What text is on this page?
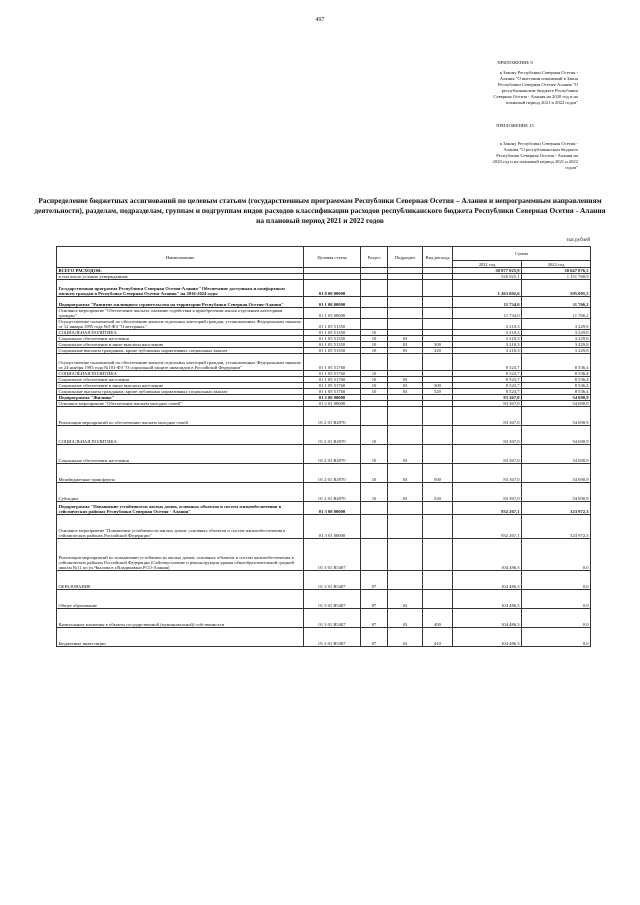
497
ПРИЛОЖЕНИЕ 8
к Закону Республики Северная Осетия -
Алания "О внесении изменений в Закон
Республики Северная Осетия-Алания "О
республиканском бюджете Республики
Северная Осетия - Алания на 2020 год и на
плановый период 2021 и 2022 годов"
ПРИЛОЖЕНИЕ 15
к Закону Республики Северная Осетия -
Алания "О республиканском бюджете
Республики Северная Осетия - Алания на
2020 год и на плановый период 2021 и 2022
годов"
Распределение бюджетных ассигнований по целевым статьям (государственным программам Республики Северная Осетия – Алания и непрограммным направлениям деятельности), разделам, подразделам, группам и подгруппам видов расходов классификации расходов республиканского бюджета Республики Северная Осетия - Алания на плановый период 2021 и 2022 годов
тыс.рублей
Наименование	Целевая статья	Раздел	Подраздел	Вид расхода	Сумма	
					2021 год	2022 год
ВСЕГО РАСХОДОВ:					30 877 025,9	30 647 876,5
в том числе условно утвержденные					526 025,1	1 151 768,9
Государственная программа Республики Северная Осетия-Алания "Обеспечение доступным и комфортным жильем граждан в Республике Северная Осетия-Алания" на 2016-2024 годы	01 0 00 00000				1 263 692,6	595 005,5
Подпрограмма "Развитие жилищного строительства на территории Республики Северная Осетия-Алания"	01 1 00 00000				11 734,0	11 766,2
Основное мероприятие "Обеспечение жильем, оказание содействия в приобретении жилья отдельным категориям граждан"	01 1 05 00000				11 734,0	11 766,2
Осуществление полномочий по обеспечению жильем отдельных категорий граждан, установленных Федеральным законом от 12 января 1995 года №5-ФЗ "О ветеранах"	01 1 05 51350				3 210,3	3 229,8
СОЦИАЛЬНАЯ ПОЛИТИКА	01 1 05 51350	10			3 210,3	3 229,8
Социальное обеспечение населения	01 1 05 51350	10	03		3 210,3	3 229,8
Социальное обеспечение и иные выплаты населению	01 1 05 51350	10	03	300	3 210,3	3 229,8
Социальные выплаты гражданам, кроме публичных нормативных социальных выплат	01 1 05 51350	10	03	320	3 210,3	3 229,8
Осуществление полномочий по обеспечению жильем отдельных категорий граждан, установленных Федеральным законом от 24 ноября 1995 года №181-ФЗ "О социальной защите инвалидов в Российской Федерации"	01 1 05 51760				8 523,7	8 536,4
СОЦИАЛЬНАЯ ПОЛИТИКА	01 1 05 51760	10			8 523,7	8 536,4
Социальное обеспечение населения	01 1 05 51760	10	03		8 523,7	8 536,4
Социальное обеспечение и иные выплаты населению	01 1 05 51760	10	03	300	8 523,7	8 536,4
Социальные выплаты гражданам, кроме публичных нормативных социальных выплат	01 1 05 51760	10	03	320	8 523,7	8 536,4
Подпрограмма "Жилище"	01 2 00 00000				83 367,0	54 690,9
Основное мероприятие "Обеспечение жильем молодых семей"	01 2 01 00000				83 367,0	54 690,9
Реализация мероприятий по обеспечению жильем молодых семей	01 2 01 R4970				83 367,0	54 690,9
СОЦИАЛЬНАЯ ПОЛИТИКА	01 2 01 R4970	10			83 367,0	54 690,9
Социальное обеспечение населения	01 2 01 R4970	10	03		83 367,0	54 690,9
Межбюджетные трансферты	01 2 01 R4970	10	03	500	83 367,0	54 690,9
Субсидии	01 2 01 R4970	10	03	520	83 367,0	54 690,9
Подпрограмма "Повышение устойчивости жилых домов, основных объектов и систем жизнеобеспечения в сейсмических районах Республики Северная Осетия - Алания"	01 3 00 00000				932 267,1	323 972,3
Основное мероприятие "Повышение устойчивости жилых домов, основных объектов и систем жизнеобеспечения в сейсмических районах Российской Федерации"	01 3 01 00000				932 267,1	323 972,3
Реализация мероприятий по повышению устойчивости жилых домов, основных объектов и систем жизнеобеспечения в сейсмических районах Российской Федерации (Сейсмоусиление и реконструкция здания общеобразовательной средней школы №11 по ул.Чкалова в г.Владикавказ РСО-Алания)	01 3 01 R5407				104 486,3	0,0
ОБРАЗОВАНИЕ	01 3 01 R5407	07			104 486,3	0,0
Общее образование	01 3 01 R5407	07	02		104 486,3	0,0
Капитальные вложения в объекты государственной (муниципальной) собственности	01 3 01 R5407	07	02	400	104 486,3	0,0
Бюджетные инвестиции	01 3 01 R5407	07	02	410	104 486,3	0,0
